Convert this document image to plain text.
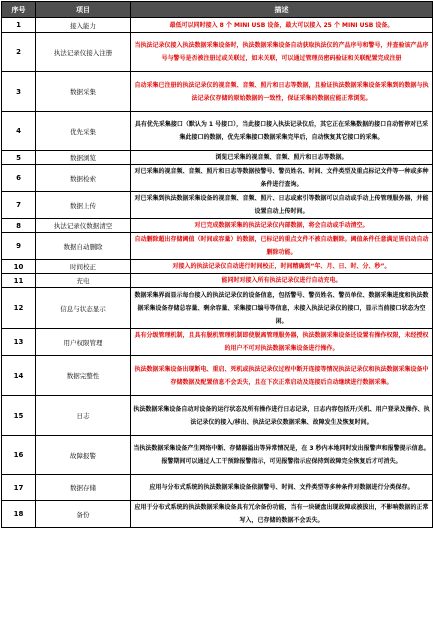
序号	项目	描述
1	接入能力	最低可以同时接入 8 个 MINI USB 设备，最大可以接入 25 个 MINI USB 设备。
2	执法记录仪接入注册	当执法记录仪接入执法数据采集设备时，执法数据采集设备自动获取执法仪的产品序号和警号，并查验该产品序号与警号是否被注册过或关联过，如未关联，可以通过管理员密码验证和关联配置完成注册
3	数据采集	自动采集已注册的执法记录仪的视音频、音频、照片和日志等数据，且验证执法数据采集设备采集到的数据与执法记录仪存储的原始数据的一致性，保证采集的数据应能正常浏览。
4	优先采集	具有优先采集接口（默认为 1 号接口），当此接口接入执法记录仪后，其它正在采集数据的接口自动暂停对已采集此接口的数据，优先采集接口数据采集完毕后，自动恢复其它接口的采集。
5	数据浏览	浏览已采集的视音频、音频、照片和日志等数据。
6	数据检索	对已采集的视音频、音频、照片和日志等数据按警号、警员姓名、时间、文件类型及重点标记文件等一种或多种条件进行查询。
7	数据上传	对已采集到执法数据采集设备的视音频、音频、照片、日志或索引等数据可以自动或手动上传管理服务器，并能设置自动上传时间。
8	执法记录仪数据清空	对已完成数据采集的执法记录仪内部数据，将会自动或手动清空。
9	数据自动删除	自动删除超出存储阈值（时间或容量）的数据，已标记的重点文件不被自动删除。阈值条件任意满足皆启动自动删除功能。
10	时间校正	对接入的执法记录仪自动进行时间校正，时间精确到“年、月、日、时、分、秒”。
11	充电	能同时对接入所有执法记录仪进行自动充电。
12	信息与状态显示	数据采集界面显示每台接入的执法记录仪的设备信息，包括警号、警员姓名、警员单位、数据采集进度和执法数据采集设备存储总容量、剩余容量、采集接口编号等信息，未接入执法记录仪的接口，显示当前接口状态为空闲。
13	用户权限管理	具有分级管理机制，且具有脱机管理机制即使脱离管理服务器，执法数据采集设备还设置有操作权限，未经授权的用户不可对执法数据采集设备进行操作。
14	数据完整性	执法数据采集设备出现断电、重启、死机或执法记录仪过程中断开连接等情况执法记录仪和执法数据采集设备中存储数据及配置信息不会丢失，且在下次正常启动及连接后自动继续进行数据采集。
15	日志	执法数据采集设备自动对设备的运行状态及所有操作进行日志记录，日志内容包括开/关机、用户登录及操作、执法记录仪的接入/移出、执法记录仪数据采集、故障发生及恢复时间。
16	故障报警	当执法数据采集设备产生网络中断、存储器溢出等异常情况是，在 3 秒内本地同时发出报警声和报警提示信息。报警期间可以通过人工干预除报警指示，可见报警指示应保持到故障完全恢复后才可消失。
17	数据存储	应用与分布式系统的执法数据采集设备依据警号、时间、文件类型等多种条件对数据进行分类保存。
18	备份	应用于分布式系统的执法数据采集设备具有冗余备份功能，当有一块硬盘出现故障或被拔出，不影响数据的正常写入，已存储的数据不会丢失。
